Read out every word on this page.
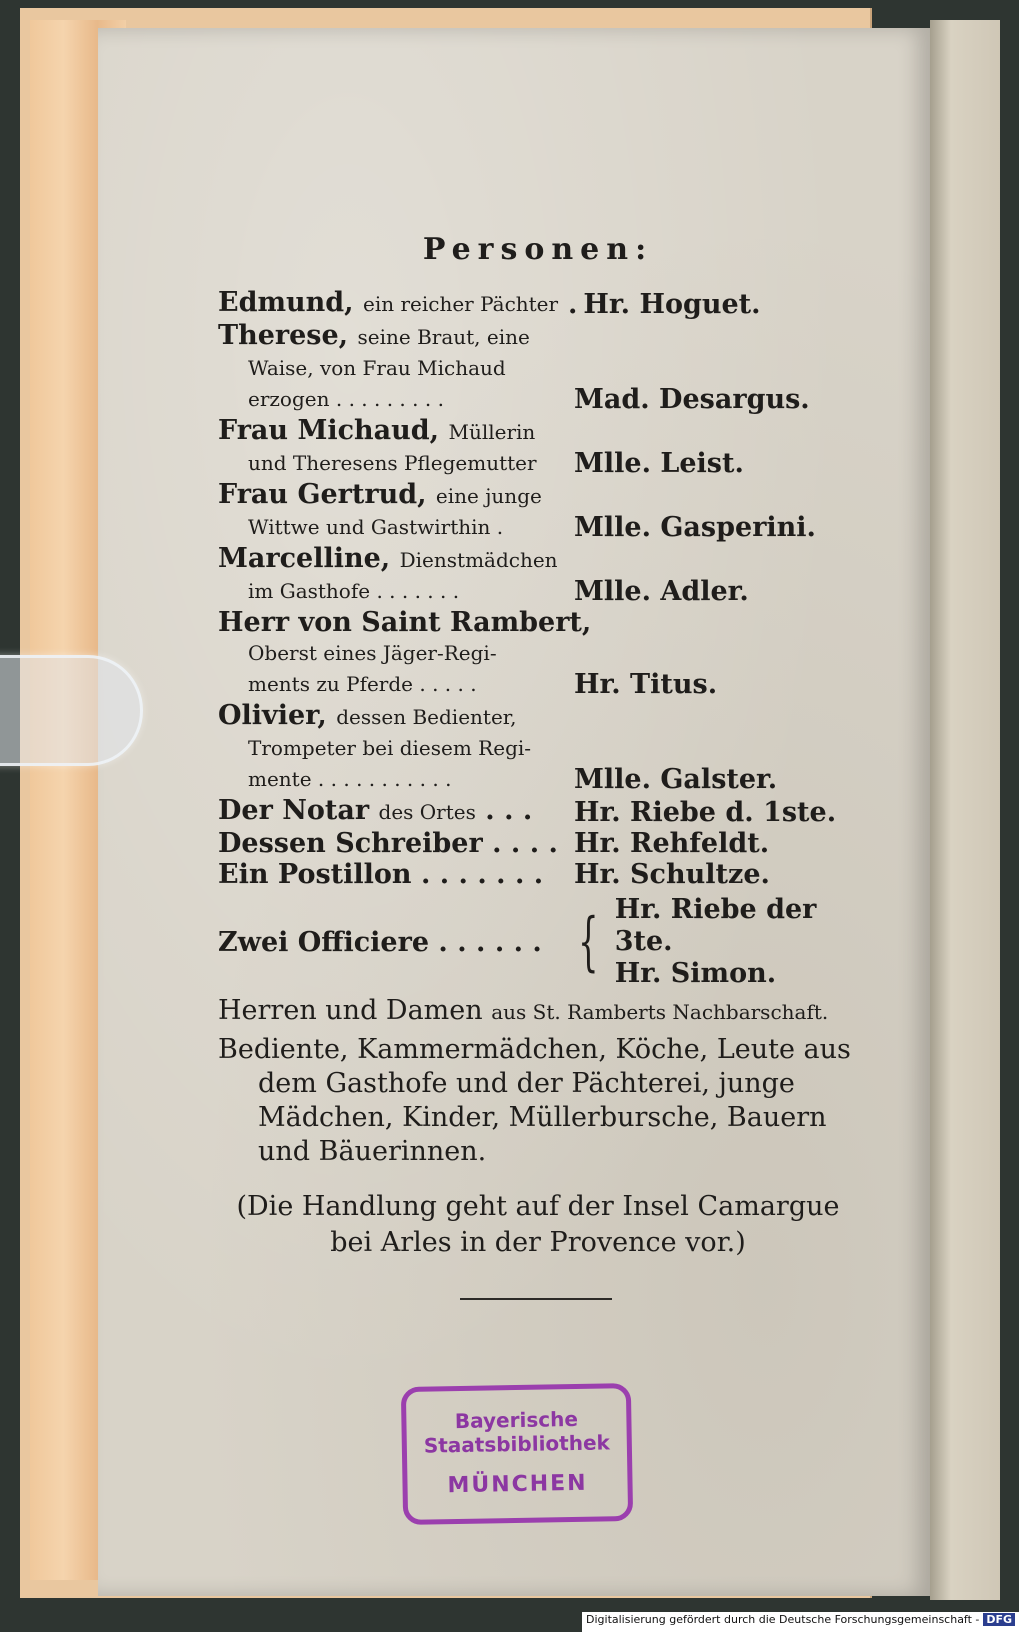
Personen:
Edmund, ein reicher Pächter . Hr. Hoguet.
Therese, seine Braut, eine
Waise, von Frau Michaud
erzogen . . . . . . . . .	Mad. Desargus.
Frau Michaud, Müllerin
und Theresens Pflegemutter	Mlle. Leist.
Frau Gertrud, eine junge
Wittwe und Gastwirthin .	Mlle. Gasperini.
Marcelline, Dienstmädchen
im Gasthofe . . . . . . .	Mlle. Adler.
Herr von Saint Rambert,
Oberst eines Jäger-Regi-
ments zu Pferde . . . . .	Hr. Titus.
Olivier, dessen Bedienter,
Trompeter bei diesem Regi-
mente . . . . . . . . . . .	Mlle. Galster.
Der Notar des Ortes . . .	Hr. Riebe d. 1ste.
Dessen Schreiber . . . . Hr. Rehfeldt.
Ein Postillon . . . . . . .	Hr. Schultze.
Zwei Officiere . . . . . . { Hr. Riebe der 3te.
Hr. Simon.
Herren und Damen aus St. Ramberts Nachbarschaft.
Bediente, Kammermädchen, Köche, Leute aus dem Gasthofe und der Pächterei, junge Mädchen, Kinder, Müllerbursche, Bauern und Bäuerinnen.
(Die Handlung geht auf der Insel Camargue bei Arles in der Provence vor.)
Bayerische
Staatsbibliothek
MÜNCHEN
Digitalisierung gefördert durch die Deutsche Forschungsgemeinschaft - DFG
